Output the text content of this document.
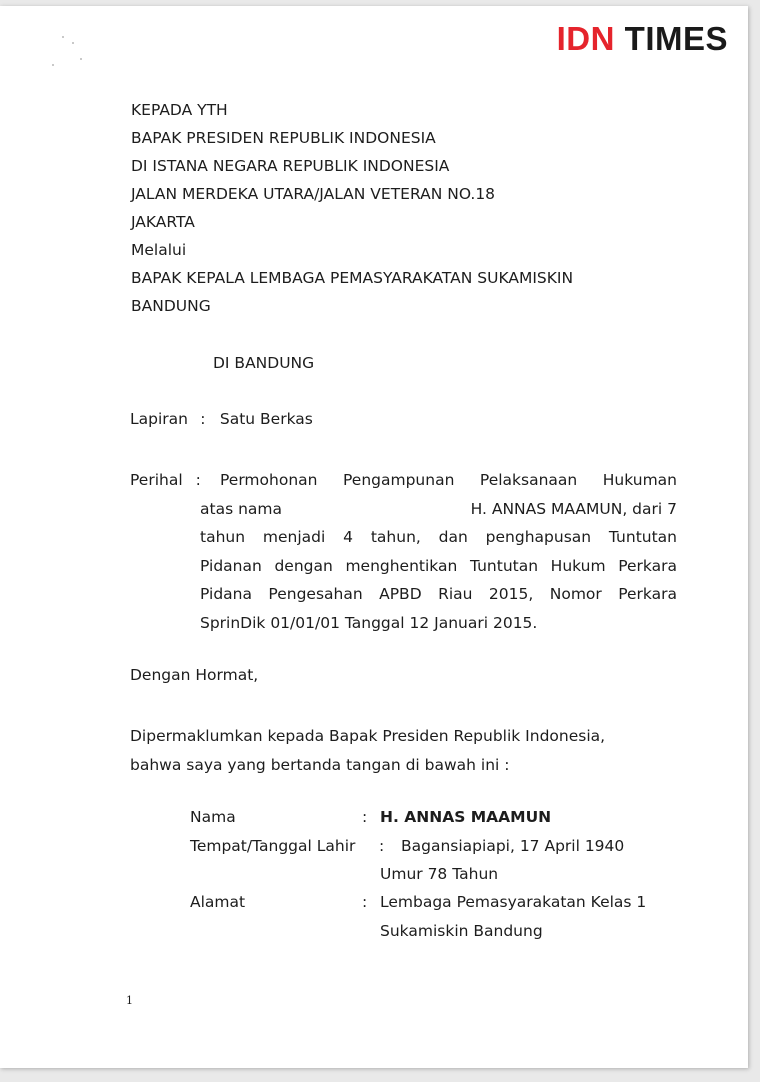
IDN TIMES
KEPADA YTH
BAPAK PRESIDEN REPUBLIK INDONESIA
DI ISTANA NEGARA REPUBLIK INDONESIA
JALAN MERDEKA UTARA/JALAN VETERAN NO.18
JAKARTA
Melalui
BAPAK KEPALA LEMBAGA PEMASYARAKATAN SUKAMISKIN
BANDUNG
DI BANDUNG
Lapiran : Satu Berkas
Perihal :	Permohonan Pengampunan Pelaksanaan Hukuman
atas nama	H. ANNAS MAAMUN, dari 7
tahun menjadi 4 tahun, dan penghapusan Tuntutan
Pidanan dengan menghentikan Tuntutan Hukum Perkara
Pidana Pengesahan APBD Riau 2015, Nomor Perkara
SprinDik 01/01/01 Tanggal 12 Januari 2015.
Dengan Hormat,
Dipermaklumkan kepada Bapak Presiden Republik Indonesia,
bahwa saya yang bertanda tangan di bawah ini :
Nama	: H. ANNAS MAAMUN
Tempat/Tanggal Lahir : Bagansiapiapi, 17 April 1940
Umur 78 Tahun
Alamat	: Lembaga Pemasyarakatan Kelas 1
Sukamiskin Bandung
1
